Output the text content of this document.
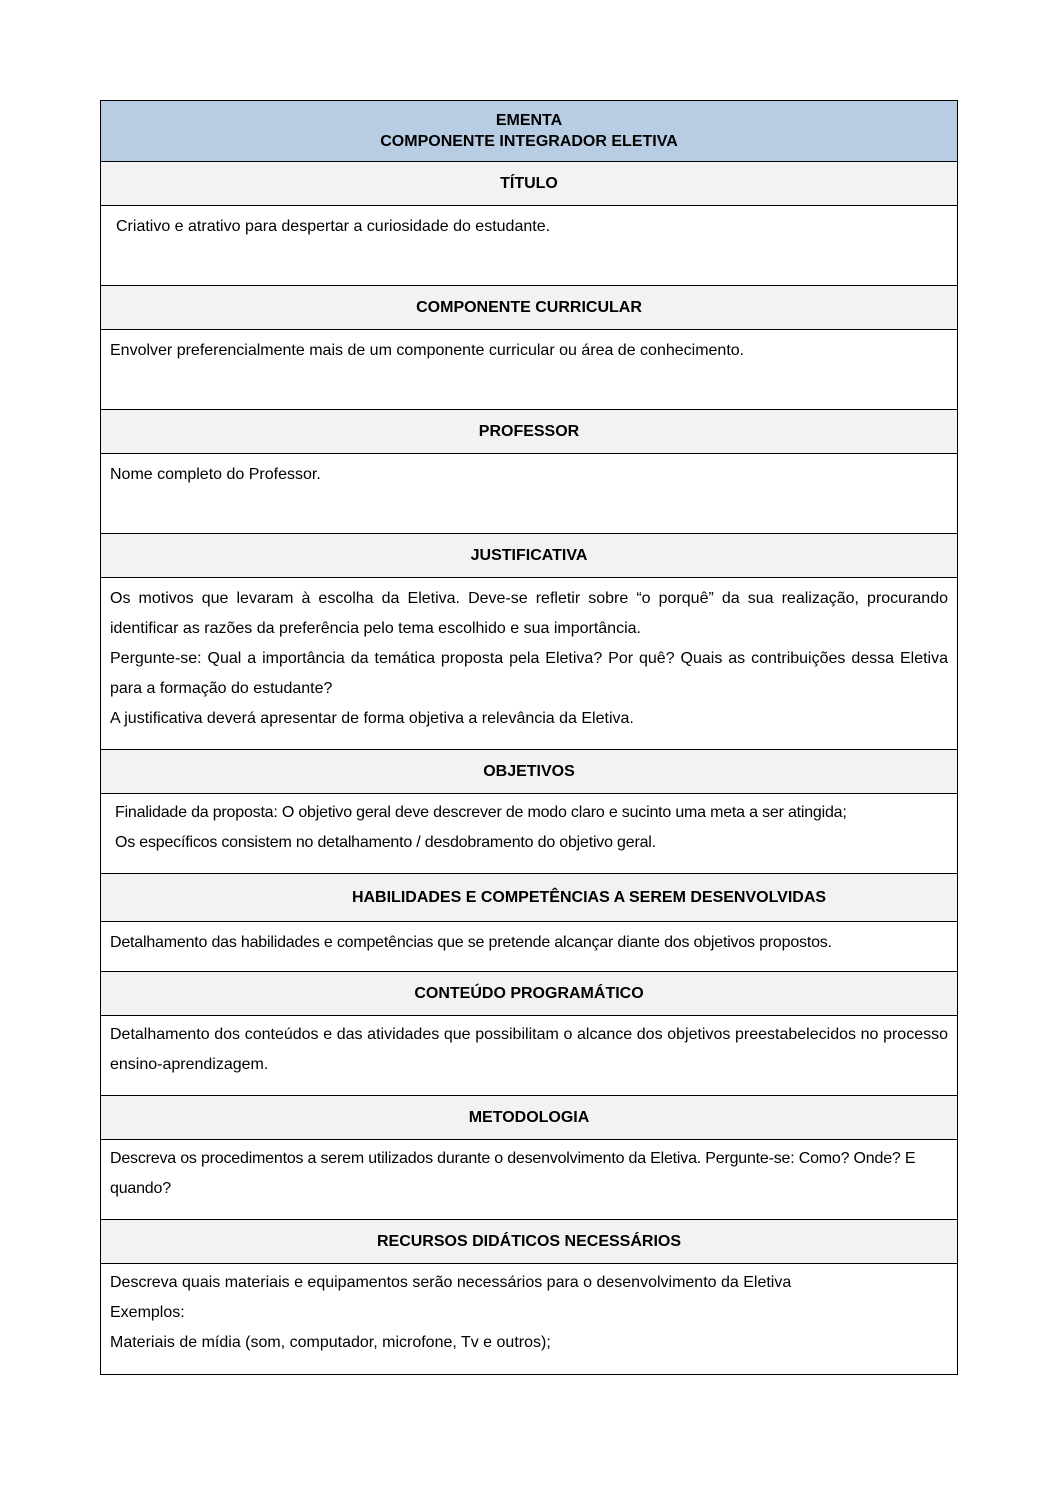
EMENTA
COMPONENTE INTEGRADOR ELETIVA
TÍTULO

Criativo e atrativo para despertar a curiosidade do estudante.

COMPONENTE CURRICULAR

Envolver preferencialmente mais de um componente curricular ou área de conhecimento.

PROFESSOR

Nome completo do Professor.

JUSTIFICATIVA

Os motivos que levaram à escolha da Eletiva. Deve-se refletir sobre “o porquê” da sua realização, procurando identificar as razões da preferência pelo tema escolhido e sua importância.

Pergunte-se: Qual a importância da temática proposta pela Eletiva? Por quê? Quais as contribuições dessa Eletiva para a formação do estudante?

A justificativa deverá apresentar de forma objetiva a relevância da Eletiva.

OBJETIVOS

Finalidade da proposta: O objetivo geral deve descrever de modo claro e sucinto uma meta a ser atingida;

Os específicos consistem no detalhamento / desdobramento do objetivo geral.

HABILIDADES E COMPETÊNCIAS A SEREM DESENVOLVIDAS

Detalhamento das habilidades e competências que se pretende alcançar diante dos objetivos propostos.

CONTEÚDO PROGRAMÁTICO

Detalhamento dos conteúdos e das atividades que possibilitam o alcance dos objetivos preestabelecidos no processo ensino-aprendizagem.

METODOLOGIA

Descreva os procedimentos a serem utilizados durante o desenvolvimento da Eletiva. Pergunte-se: Como? Onde? E quando?

RECURSOS DIDÁTICOS NECESSÁRIOS

Descreva quais materiais e equipamentos serão necessários para o desenvolvimento da Eletiva

Exemplos:

Materiais de mídia (som, computador, microfone, Tv e outros);
